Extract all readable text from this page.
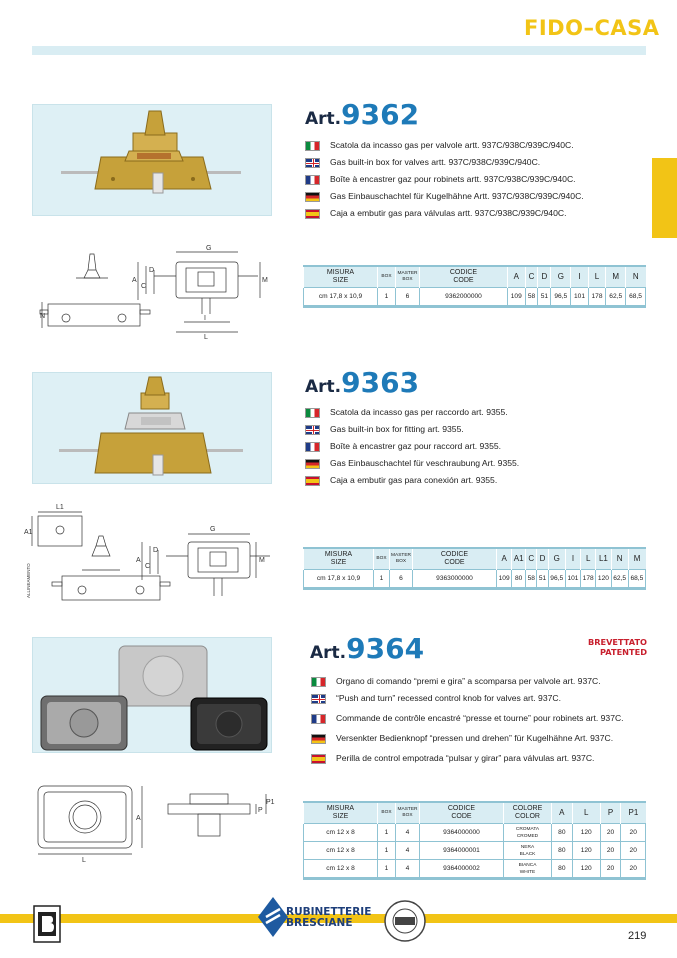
FIDO–CASA
Art.9362
Scatola da incasso gas per valvole artt. 937C/938C/939C/940C.
Gas built-in box for valves artt. 937C/938C/939C/940C.
Boîte à encastrer gaz pour robinets artt. 937C/938C/939C/940C.
Gas Einbauschachtel für Kugelhähne Artt. 937C/938C/939C/940C.
Caja a embutir gas para válvulas artt. 937C/938C/939C/940C.
N
G
A
C
D
M
I
L
MISURA
SIZE	BOX	MASTER
BOX	CODICE
CODE	A	C	D	G	I	L	M	N
cm 17,8 x 10,9	1	6	9362000000	109	58	51	96,5	101	178	62,5	68,5
Art.9363
Scatola da incasso gas per raccordo art. 9355.
Gas built-in box for fitting art. 9355.
Boîte à encastrer gaz pour raccord art. 9355.
Gas Einbauschachtel für veschraubung Art. 9355.
Caja a embutir gas para conexión art. 9355.
L1
A1
ALLINEAMENTO
G
A
C
D
M
MISURA
SIZE	BOX	MASTER
BOX	CODICE
CODE	A	A1	C	D	G	I	L	L1	N	M
cm 17,8 x 10,9	1	6	9363000000	109	80	58	51	96,5	101	178	120	62,5	68,5
Art.9364	BREVETTATO
PATENTED
Organo di comando “premi e gira” a scomparsa per valvole art. 937C.
“Push and turn” recessed control knob for valves art. 937C.
Commande de contrôle encastré “presse et tourne” pour robinets art. 937C.
Versenkter Bedienknopf “pressen und drehen” für Kugelhähne Art. 937C.
Perilla de control empotrada “pulsar y girar” para válvulas art. 937C.
A
L
P
P1
MISURA
SIZE	BOX	MASTER
BOX	CODICE
CODE	COLORE
COLOR	A	L	P	P1
cm 12 x 8	1	4	9364000000	CROMATA
CROMED	80	120	20	20
cm 12 x 8	1	4	9364000001	NERA
BLACK	80	120	20	20
cm 12 x 8	1	4	9364000002	BIANCA
WHITE	80	120	20	20
RUBINETTERIE
BRESCIANE
219
